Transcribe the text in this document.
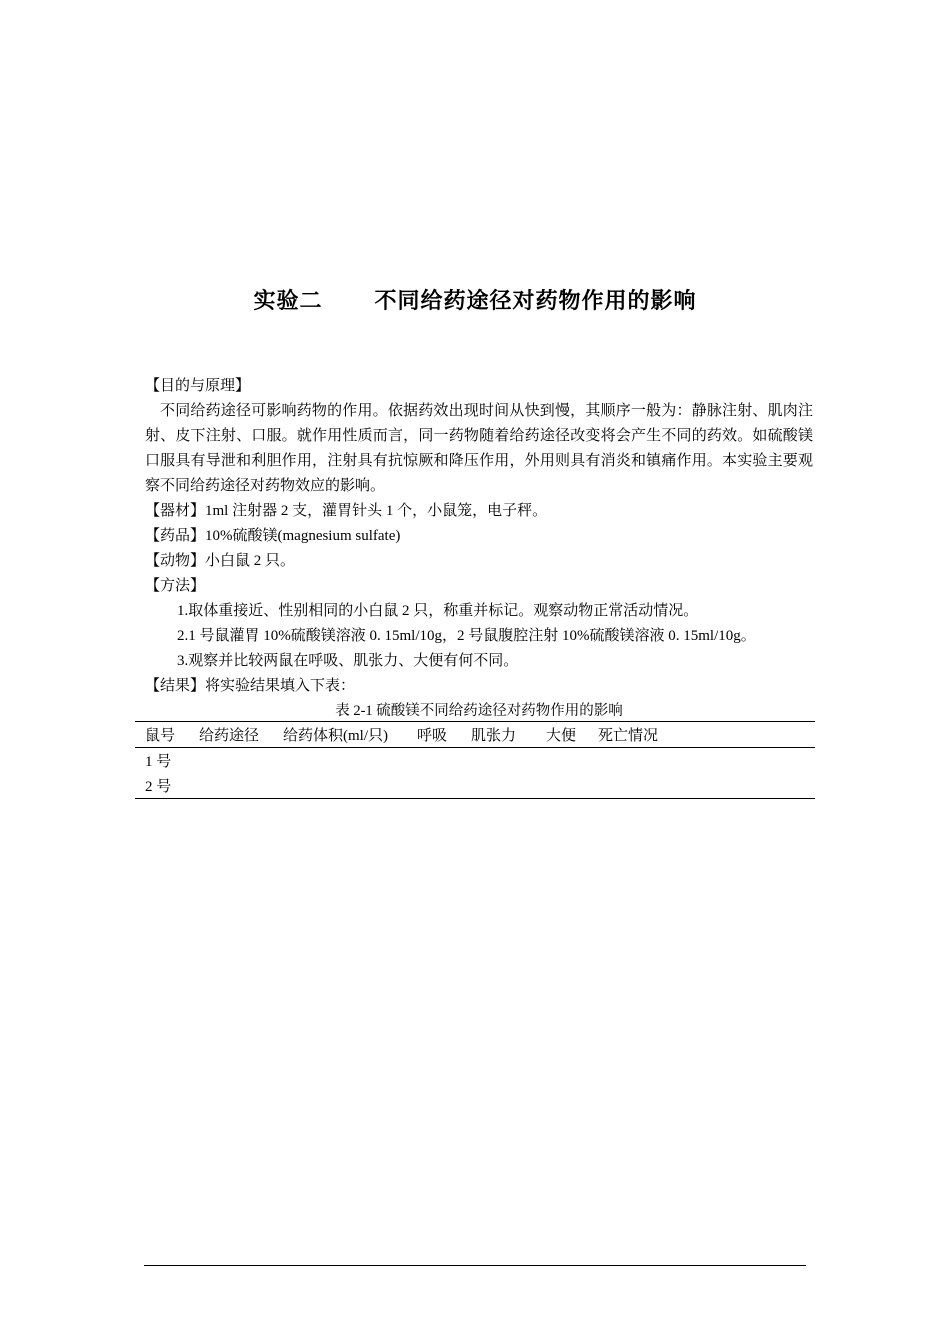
实验二      不同给药途径对药物作用的影响
【目的与原理】
不同给药途径可影响药物的作用。依据药效出现时间从快到慢，其顺序一般为：静脉注射、肌肉注射、皮下注射、口服。就作用性质而言，同一药物随着给药途径改变将会产生不同的药效。如硫酸镁口服具有导泄和利胆作用，注射具有抗惊厥和降压作用，外用则具有消炎和镇痛作用。本实验主要观察不同给药途径对药物效应的影响。
【器材】1ml 注射器 2 支，灌胃针头 1 个，小鼠笼，电子秤。
【药品】10%硫酸镁(magnesium sulfate)
【动物】小白鼠 2 只。
【方法】
1.取体重接近、性别相同的小白鼠 2 只，称重并标记。观察动物正常活动情况。
2.1 号鼠灌胃 10%硫酸镁溶液 0. 15ml/10g，2 号鼠腹腔注射 10%硫酸镁溶液 0. 15ml/10g。
3.观察并比较两鼠在呼吸、肌张力、大便有何不同。
【结果】将实验结果填入下表：
表 2-1 硫酸镁不同给药途径对药物作用的影响
鼠号	给药途径	给药体积(ml/只)	呼吸	肌张力	大便	死亡情况
1 号						
2 号						
